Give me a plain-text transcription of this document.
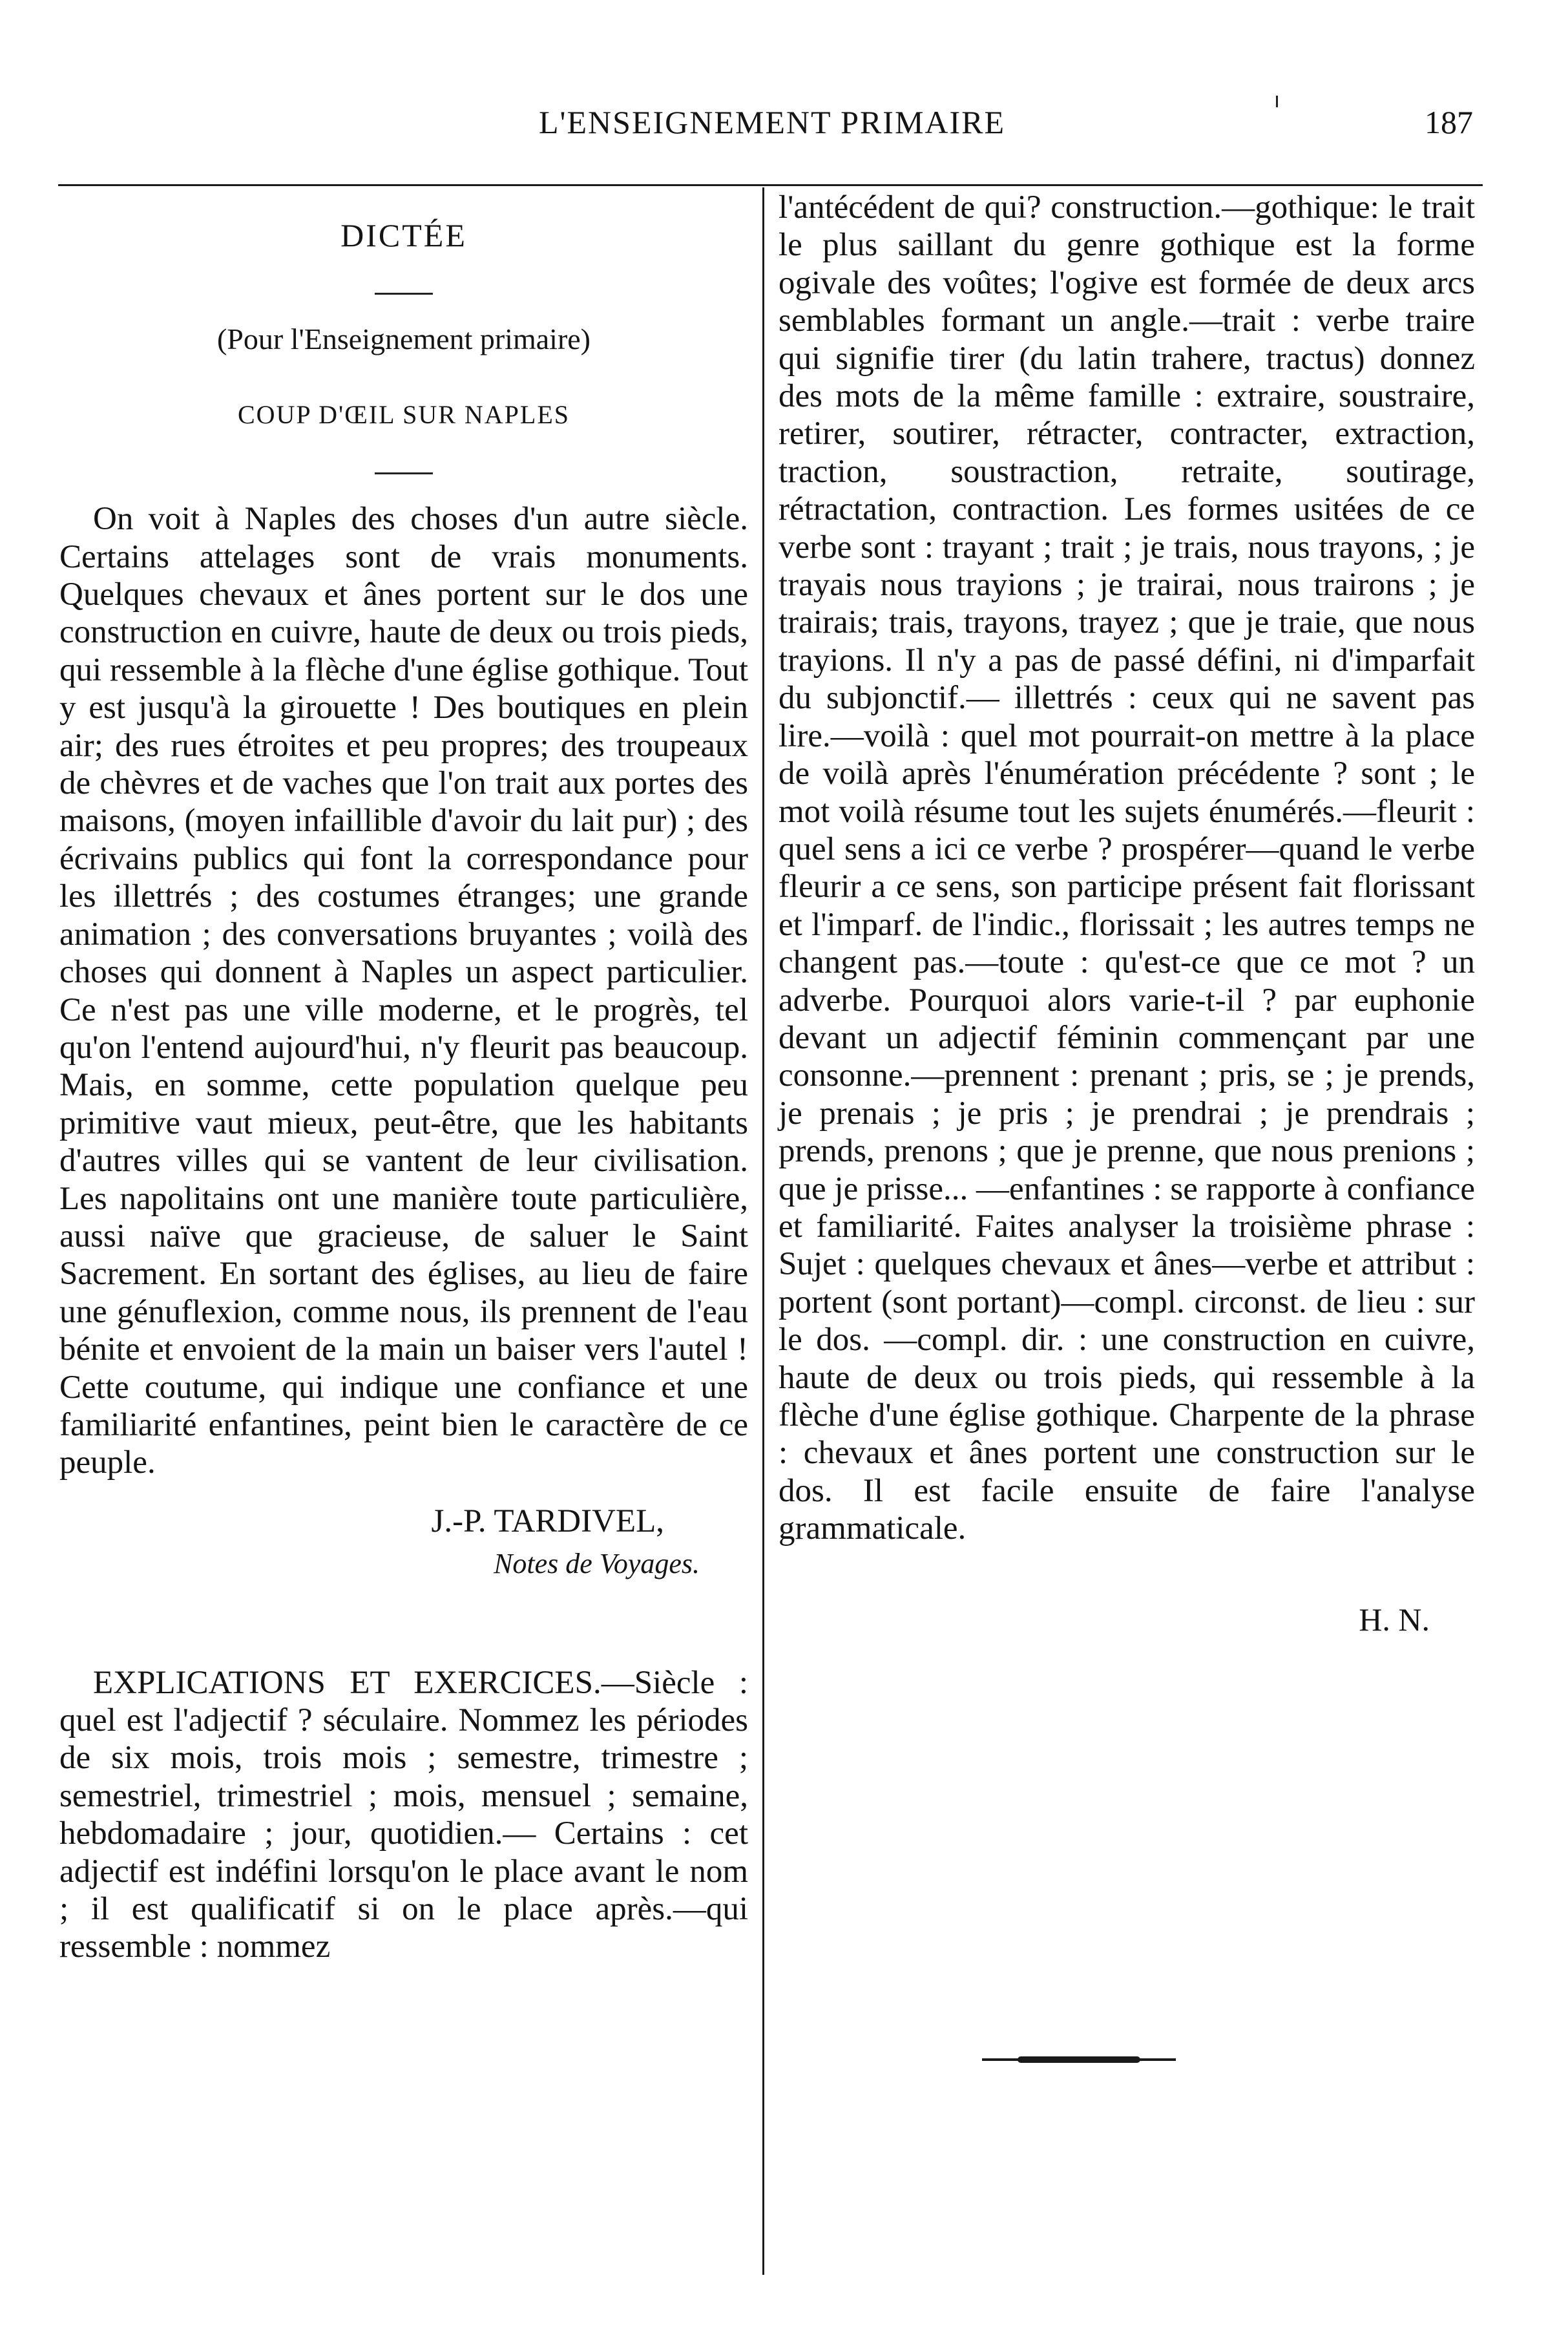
L'ENSEIGNEMENT PRIMAIRE	187
DICTÉE
(Pour l'Enseignement primaire)
COUP D'ŒIL SUR NAPLES
On voit à Naples des choses d'un autre siècle. Certains attelages sont de vrais monuments. Quelques chevaux et ânes portent sur le dos une construction en cuivre, haute de deux ou trois pieds, qui ressemble à la flèche d'une église gothique. Tout y est jusqu'à la girouette ! Des boutiques en plein air; des rues étroites et peu propres; des troupeaux de chèvres et de vaches que l'on trait aux portes des maisons, (moyen infaillible d'avoir du lait pur) ; des écrivains publics qui font la correspondance pour les illettrés ; des costumes étranges; une grande animation ; des conversations bruyantes ; voilà des choses qui donnent à Naples un aspect particulier. Ce n'est pas une ville moderne, et le progrès, tel qu'on l'entend aujourd'hui, n'y fleurit pas beaucoup. Mais, en somme, cette population quelque peu primitive vaut mieux, peut-être, que les habitants d'autres villes qui se vantent de leur civilisation. Les napolitains ont une manière toute particulière, aussi naïve que gracieuse, de saluer le Saint Sacrement. En sortant des églises, au lieu de faire une génuflexion, comme nous, ils prennent de l'eau bénite et envoient de la main un baiser vers l'autel ! Cette coutume, qui indique une confiance et une familiarité enfantines, peint bien le caractère de ce peuple.
J.-P. TARDIVEL,
Notes de Voyages.
EXPLICATIONS ET EXERCICES.—Siècle : quel est l'adjectif ? séculaire. Nommez les périodes de six mois, trois mois ; semestre, trimestre ; semestriel, trimestriel ; mois, mensuel ; semaine, hebdomadaire ; jour, quotidien.— Certains : cet adjectif est indéfini lorsqu'on le place avant le nom ; il est qualificatif si on le place après.—qui ressemble : nommez
l'antécédent de qui? construction.—gothique: le trait le plus saillant du genre gothique est la forme ogivale des voûtes; l'ogive est formée de deux arcs semblables formant un angle.—trait : verbe traire qui signifie tirer (du latin trahere, tractus) donnez des mots de la même famille : extraire, soustraire, retirer, soutirer, rétracter, contracter, extraction, traction, soustraction, retraite, soutirage, rétractation, contraction. Les formes usitées de ce verbe sont : trayant ; trait ; je trais, nous trayons, ; je trayais nous trayions ; je trairai, nous trairons ; je trairais; trais, trayons, trayez ; que je traie, que nous trayions. Il n'y a pas de passé défini, ni d'imparfait du subjonctif.— illettrés : ceux qui ne savent pas lire.—voilà : quel mot pourrait-on mettre à la place de voilà après l'énumération précédente ? sont ; le mot voilà résume tout les sujets énumérés.—fleurit : quel sens a ici ce verbe ? prospérer—quand le verbe fleurir a ce sens, son participe présent fait florissant et l'imparf. de l'indic., florissait ; les autres temps ne changent pas.—toute : qu'est-ce que ce mot ? un adverbe. Pourquoi alors varie-t-il ? par euphonie devant un adjectif féminin commençant par une consonne.—prennent : prenant ; pris, se ; je prends, je prenais ; je pris ; je prendrai ; je prendrais ; prends, prenons ; que je prenne, que nous prenions ; que je prisse... —enfantines : se rapporte à confiance et familiarité. Faites analyser la troisième phrase : Sujet : quelques chevaux et ânes—verbe et attribut : portent (sont portant)—compl. circonst. de lieu : sur le dos. —compl. dir. : une construction en cuivre, haute de deux ou trois pieds, qui ressemble à la flèche d'une église gothique. Charpente de la phrase : chevaux et ânes portent une construction sur le dos. Il est facile ensuite de faire l'analyse grammaticale.
H. N.
